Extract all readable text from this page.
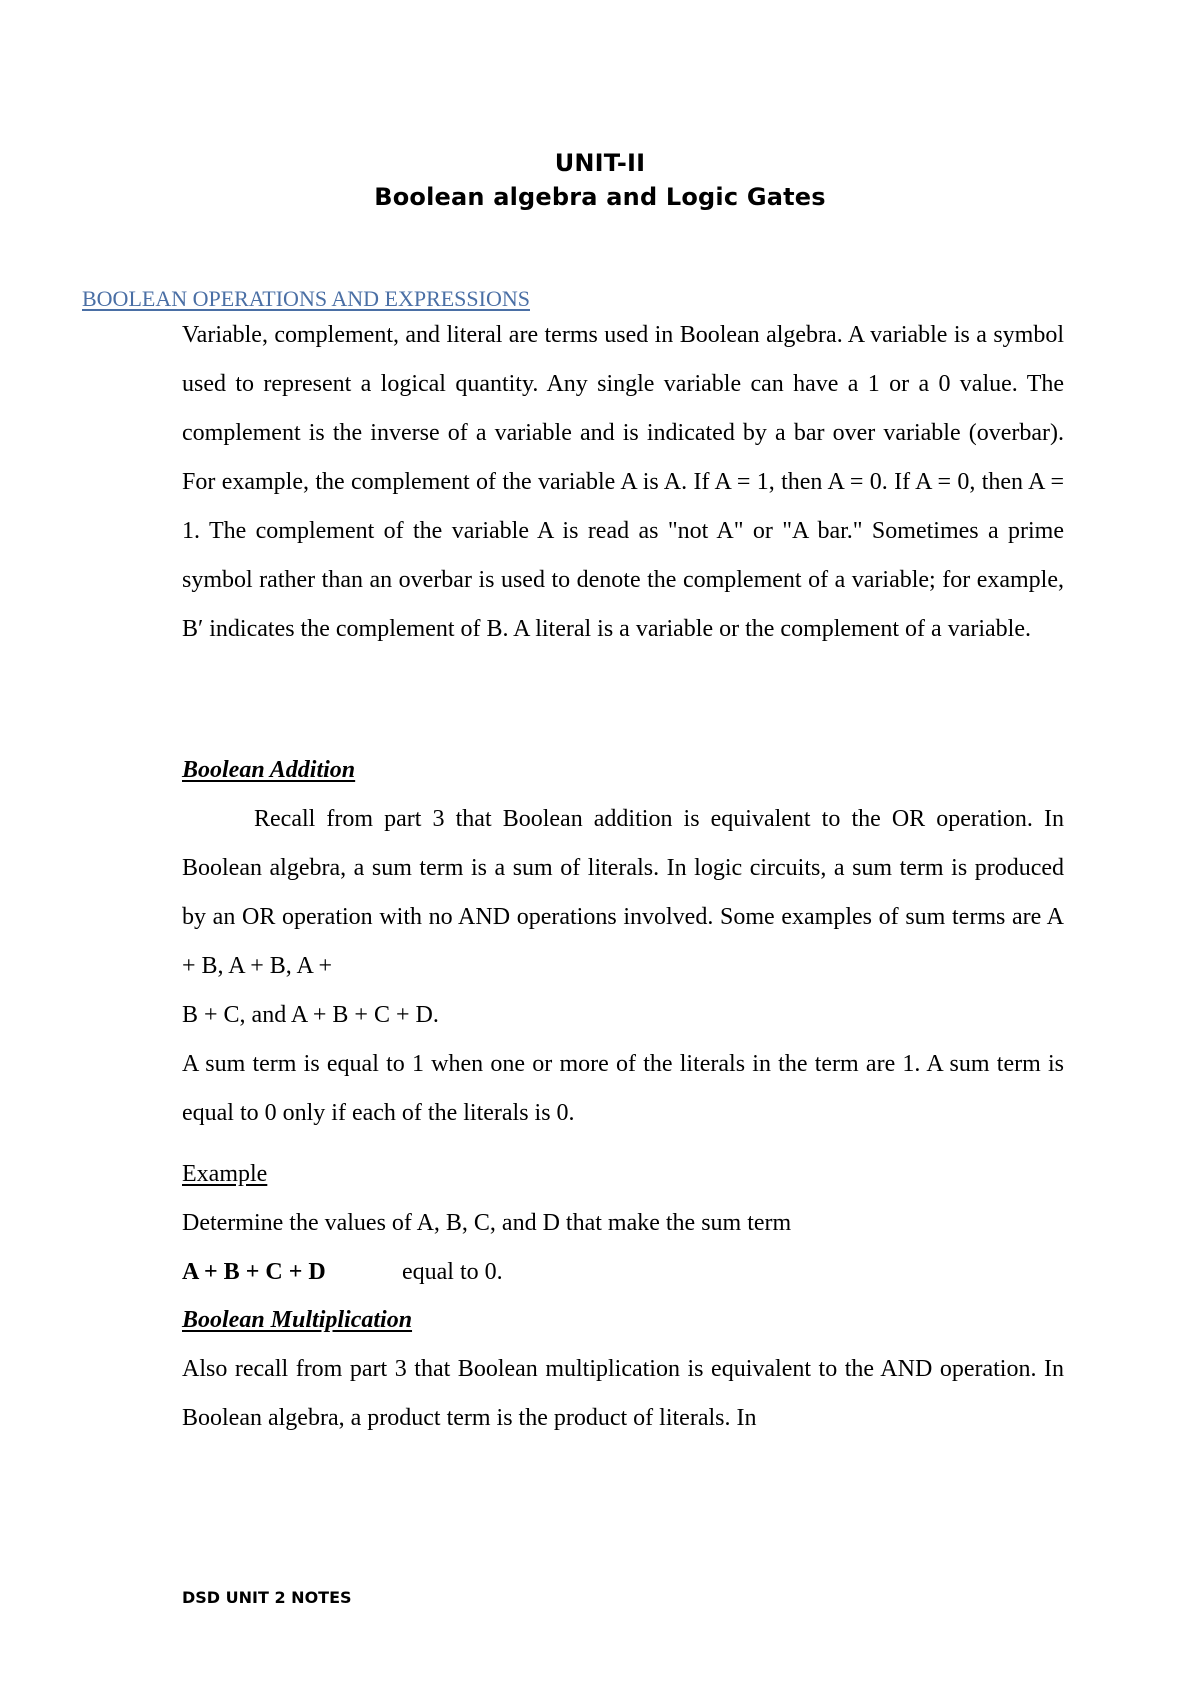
UNIT-II
Boolean algebra and Logic Gates
BOOLEAN OPERATIONS AND EXPRESSIONS

Variable, complement, and literal are terms used in Boolean algebra. A variable is a symbol used to represent a logical quantity. Any single variable can have a 1 or a 0 value. The complement is the inverse of a variable and is indicated by a bar over variable (overbar). For example, the complement of the variable A is A. If A = 1, then A = 0. If A = 0, then A = 1. The complement of the variable A is read as "not A" or "A bar." Sometimes a prime symbol rather than an overbar is used to denote the complement of a variable; for example, B′ indicates the complement of B. A literal is a variable or the complement of a variable.

Boolean Addition

Recall from part 3 that Boolean addition is equivalent to the OR operation. In Boolean algebra, a sum term is a sum of literals. In logic circuits, a sum term is produced by an OR operation with no AND operations involved. Some examples of sum terms are A + B, A + B, A +

B + C, and A + B + C + D.

A sum term is equal to 1 when one or more of the literals in the term are 1. A sum term is equal to 0 only if each of the literals is 0.

Example

Determine the values of A, B, C, and D that make the sum term

A + B + C + D	equal to 0.

Boolean Multiplication

Also recall from part 3 that Boolean multiplication is equivalent to the AND operation. In Boolean algebra, a product term is the product of literals. In

DSD UNIT 2 NOTES
